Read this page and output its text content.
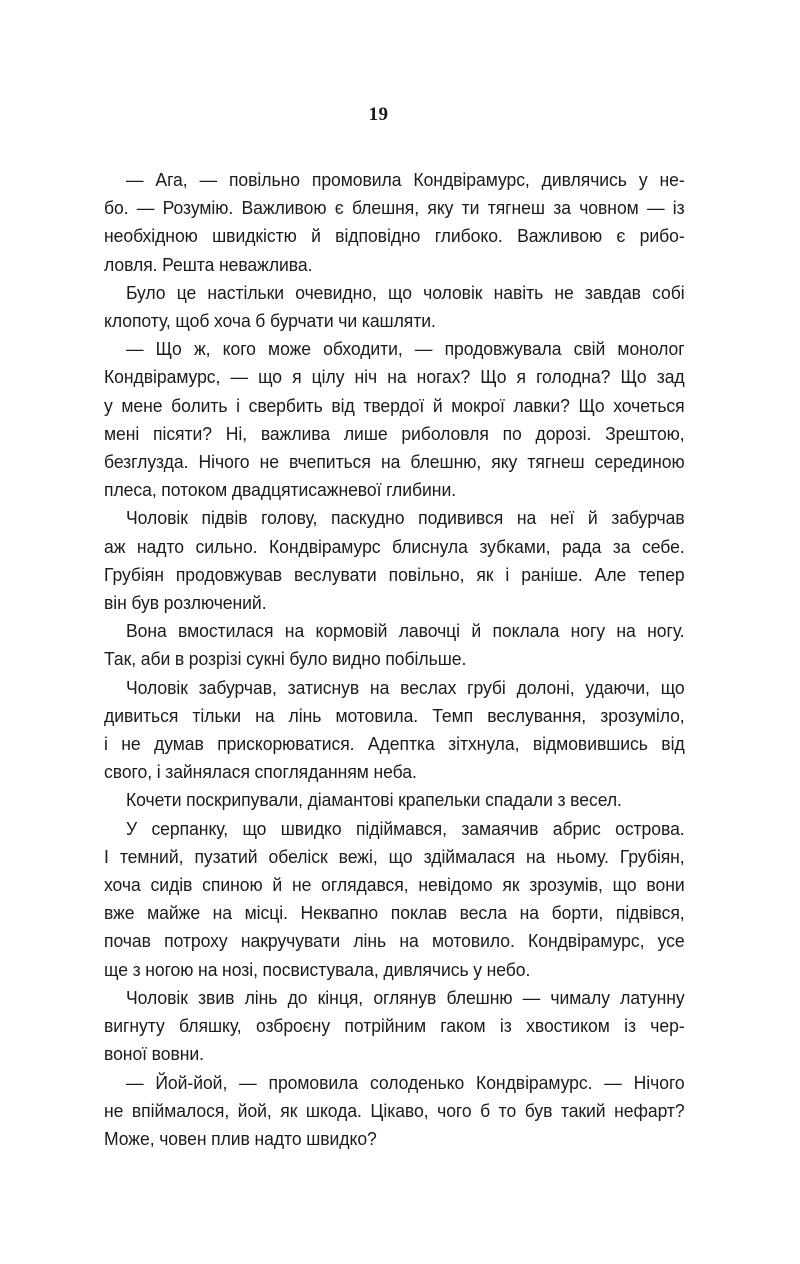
19

— Ага, — повільно промовила Кондвірамурс, дивлячись у не-
бо. — Розумію. Важливою є блешня, яку ти тягнеш за човном — із
необхідною швидкістю й відповідно глибоко. Важливою є рибо-
ловля. Решта неважлива.

Було це настільки очевидно, що чоловік навіть не завдав собі
клопоту, щоб хоча б бурчати чи кашляти.

— Що ж, кого може обходити, — продовжувала свій монолог
Кондвірамурс, — що я цілу ніч на ногах? Що я голодна? Що зад
у мене болить і свербить від твердої й мокрої лавки? Що хочеться
мені пісяти? Ні, важлива лише риболовля по дорозі. Зрештою,
безглузда. Нічого не вчепиться на блешню, яку тягнеш серединою
плеса, потоком двадцятисажневої глибини.

Чоловік підвів голову, паскудно подивився на неї й забурчав
аж надто сильно. Кондвірамурс блиснула зубками, рада за себе.
Грубіян продовжував веслувати повільно, як і раніше. Але тепер
він був розлючений.

Вона вмостилася на кормовій лавочці й поклала ногу на ногу.
Так, аби в розрізі сукні було видно побільше.

Чоловік забурчав, затиснув на веслах грубі долоні, удаючи, що
дивиться тільки на лінь мотовила. Темп веслування, зрозуміло,
і не думав прискорюватися. Адептка зітхнула, відмовившись від
свого, і зайнялася спогляданням неба.

Кочети поскрипували, діамантові крапельки спадали з весел.

У серпанку, що швидко підіймався, замаячив абрис острова.
І темний, пузатий обеліск вежі, що здіймалася на ньому. Грубіян,
хоча сидів спиною й не оглядався, невідомо як зрозумів, що вони
вже майже на місці. Неквапно поклав весла на борти, підвівся,
почав потроху накручувати лінь на мотовило. Кондвірамурс, усе
ще з ногою на нозі, посвистувала, дивлячись у небо.

Чоловік звив лінь до кінця, оглянув блешню — чималу латунну
вигнуту бляшку, озброєну потрійним гаком із хвостиком із чер-
воної вовни.

— Йой-йой, — промовила солоденько Кондвірамурс. — Нічого
не впіймалося, йой, як шкода. Цікаво, чого б то був такий нефарт?
Може, човен плив надто швидко?
